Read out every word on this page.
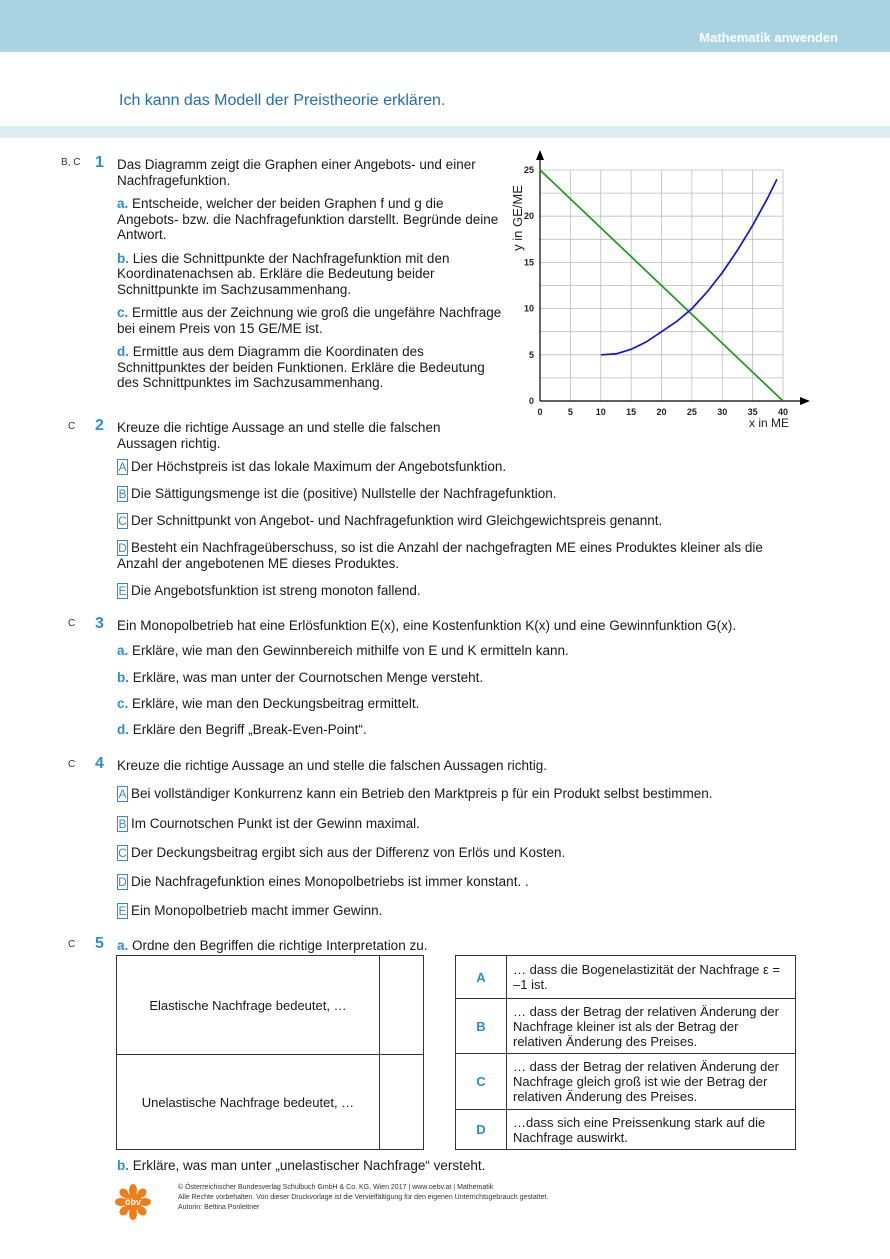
Mathematik anwenden
Ich kann das Modell der Preistheorie erklären.
B, C 1 Das Diagramm zeigt die Graphen einer Angebots- und einer Nachfragefunktion.
a. Entscheide, welcher der beiden Graphen f und g die Angebots- bzw. die Nachfragefunktion darstellt. Begründe deine Antwort.
b. Lies die Schnittpunkte der Nachfragefunktion mit den Koordinatenachsen ab. Erkläre die Bedeutung beider Schnittpunkte im Sachzusammenhang.
c. Ermittle aus der Zeichnung wie groß die ungefähre Nachfrage bei einem Preis von 15 GE/ME ist.
d. Ermittle aus dem Diagramm die Koordinaten des Schnittpunktes der beiden Funktionen. Erkläre die Bedeutung des Schnittpunktes im Sachzusammenhang.
0	5	10 15 20 25 30 35 40
0
5
10
15
20
25
x in ME
y in GE/ME
C 2 Kreuze die richtige Aussage an und stelle die falschen Aussagen richtig.
A Der Höchstpreis ist das lokale Maximum der Angebotsfunktion.
B Die Sättigungsmenge ist die (positive) Nullstelle der Nachfragefunktion.
C Der Schnittpunkt von Angebot- und Nachfragefunktion wird Gleichgewichtspreis genannt.
D Besteht ein Nachfrageüberschuss, so ist die Anzahl der nachgefragten ME eines Produktes kleiner als die Anzahl der angebotenen ME dieses Produktes.
E Die Angebotsfunktion ist streng monoton fallend.
C 3 Ein Monopolbetrieb hat eine Erlösfunktion E(x), eine Kostenfunktion K(x) und eine Gewinnfunktion G(x).
a. Erkläre, wie man den Gewinnbereich mithilfe von E und K ermitteln kann.
b. Erkläre, was man unter der Cournotschen Menge versteht.
c. Erkläre, wie man den Deckungsbeitrag ermittelt.
d. Erkläre den Begriff „Break-Even-Point“.
C 4 Kreuze die richtige Aussage an und stelle die falschen Aussagen richtig.
A Bei vollständiger Konkurrenz kann ein Betrieb den Marktpreis p für ein Produkt selbst bestimmen.
B Im Cournotschen Punkt ist der Gewinn maximal.
C Der Deckungsbeitrag ergibt sich aus der Differenz von Erlös und Kosten.
D Die Nachfragefunktion eines Monopolbetriebs ist immer konstant. .
E Ein Monopolbetrieb macht immer Gewinn.
C 5 a. Ordne den Begriffen die richtige Interpretation zu.
Elastische Nachfrage bedeutet, …	
Unelastische Nachfrage bedeutet, …	
A	… dass die Bogenelastizität der Nachfrage ε = –1 ist.
B	… dass der Betrag der relativen Änderung der Nachfrage kleiner ist als der Betrag der relativen Änderung des Preises.
C	… dass der Betrag der relativen Änderung der Nachfrage gleich groß ist wie der Betrag der relativen Änderung des Preises.
D	…dass sich eine Preissenkung stark auf die Nachfrage auswirkt.
b. Erkläre, was man unter „unelastischer Nachfrage“ versteht.
öbv
© Österreichischer Bundesverlag Schulbuch GmbH & Co. KG, Wien 2017 | www.oebv.at | Mathematik
Alle Rechte vorbehalten. Von dieser Druckvorlage ist die Vervielfältigung für den eigenen Unterrichtsgebrauch gestattet.
Autorin: Bettina Ponleitner
